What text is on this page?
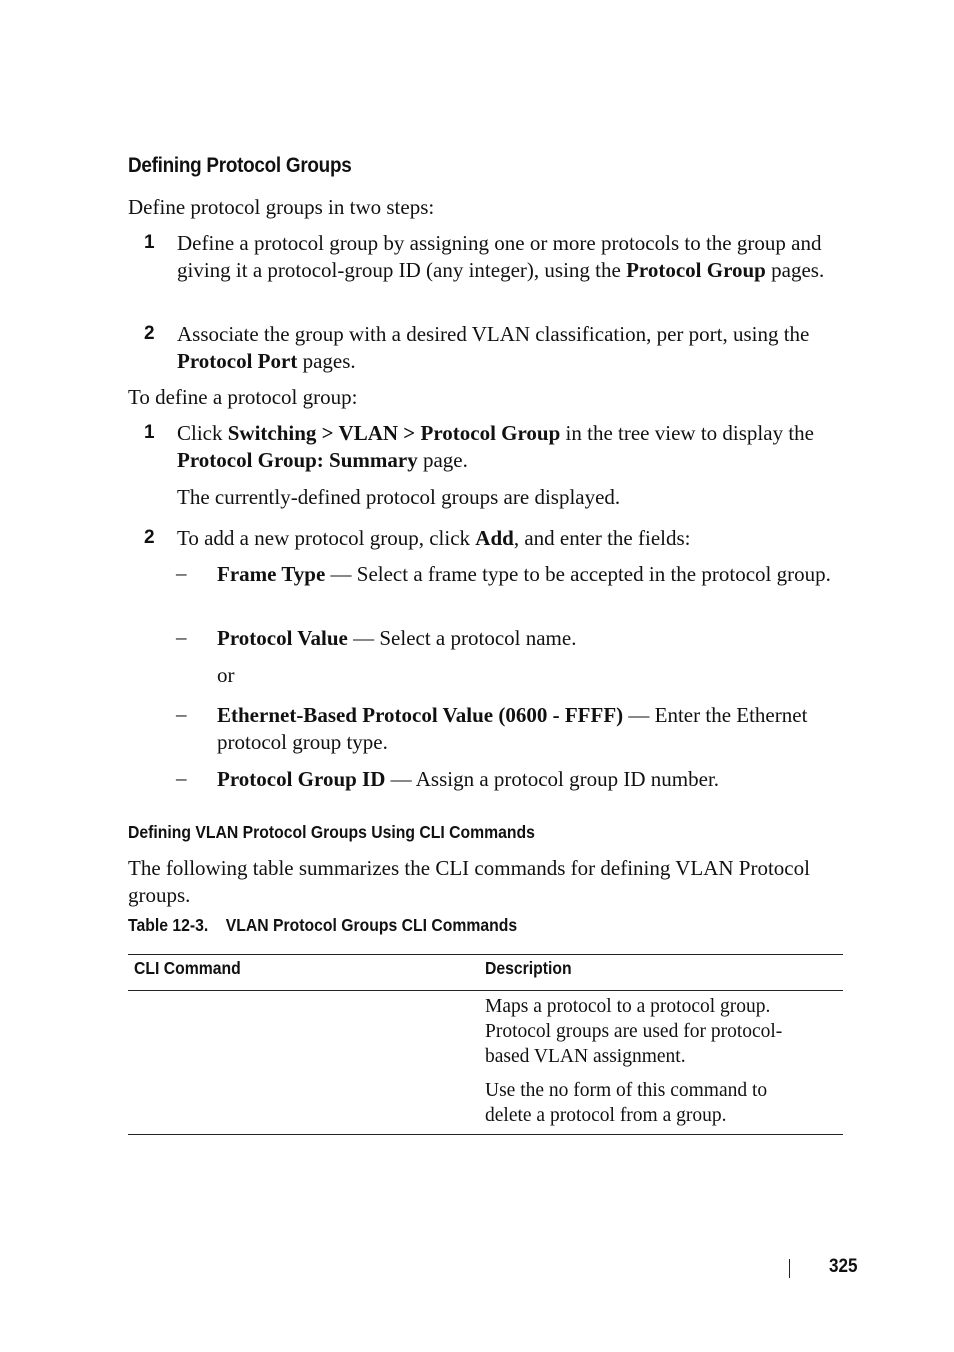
Defining Protocol Groups
Define protocol groups in two steps:
1 Define a protocol group by assigning one or more protocols to the group and giving it a protocol-group ID (any integer), using the Protocol Group pages.
2 Associate the group with a desired VLAN classification, per port, using the Protocol Port pages.
To define a protocol group:
1 Click Switching > VLAN > Protocol Group in the tree view to display the Protocol Group: Summary page.
The currently-defined protocol groups are displayed.
2 To add a new protocol group, click Add, and enter the fields:
– Frame Type — Select a frame type to be accepted in the protocol group.
– Protocol Value — Select a protocol name.
or
– Ethernet-Based Protocol Value (0600 - FFFF) — Enter the Ethernet protocol group type.
– Protocol Group ID — Assign a protocol group ID number.
Defining VLAN Protocol Groups Using CLI Commands
The following table summarizes the CLI commands for defining VLAN Protocol groups.
Table 12-3.    VLAN Protocol Groups CLI Commands
CLI Command	Description
Maps a protocol to a protocol group. Protocol groups are used for protocol-based VLAN assignment.
Use the no form of this command to delete a protocol from a group.
325
